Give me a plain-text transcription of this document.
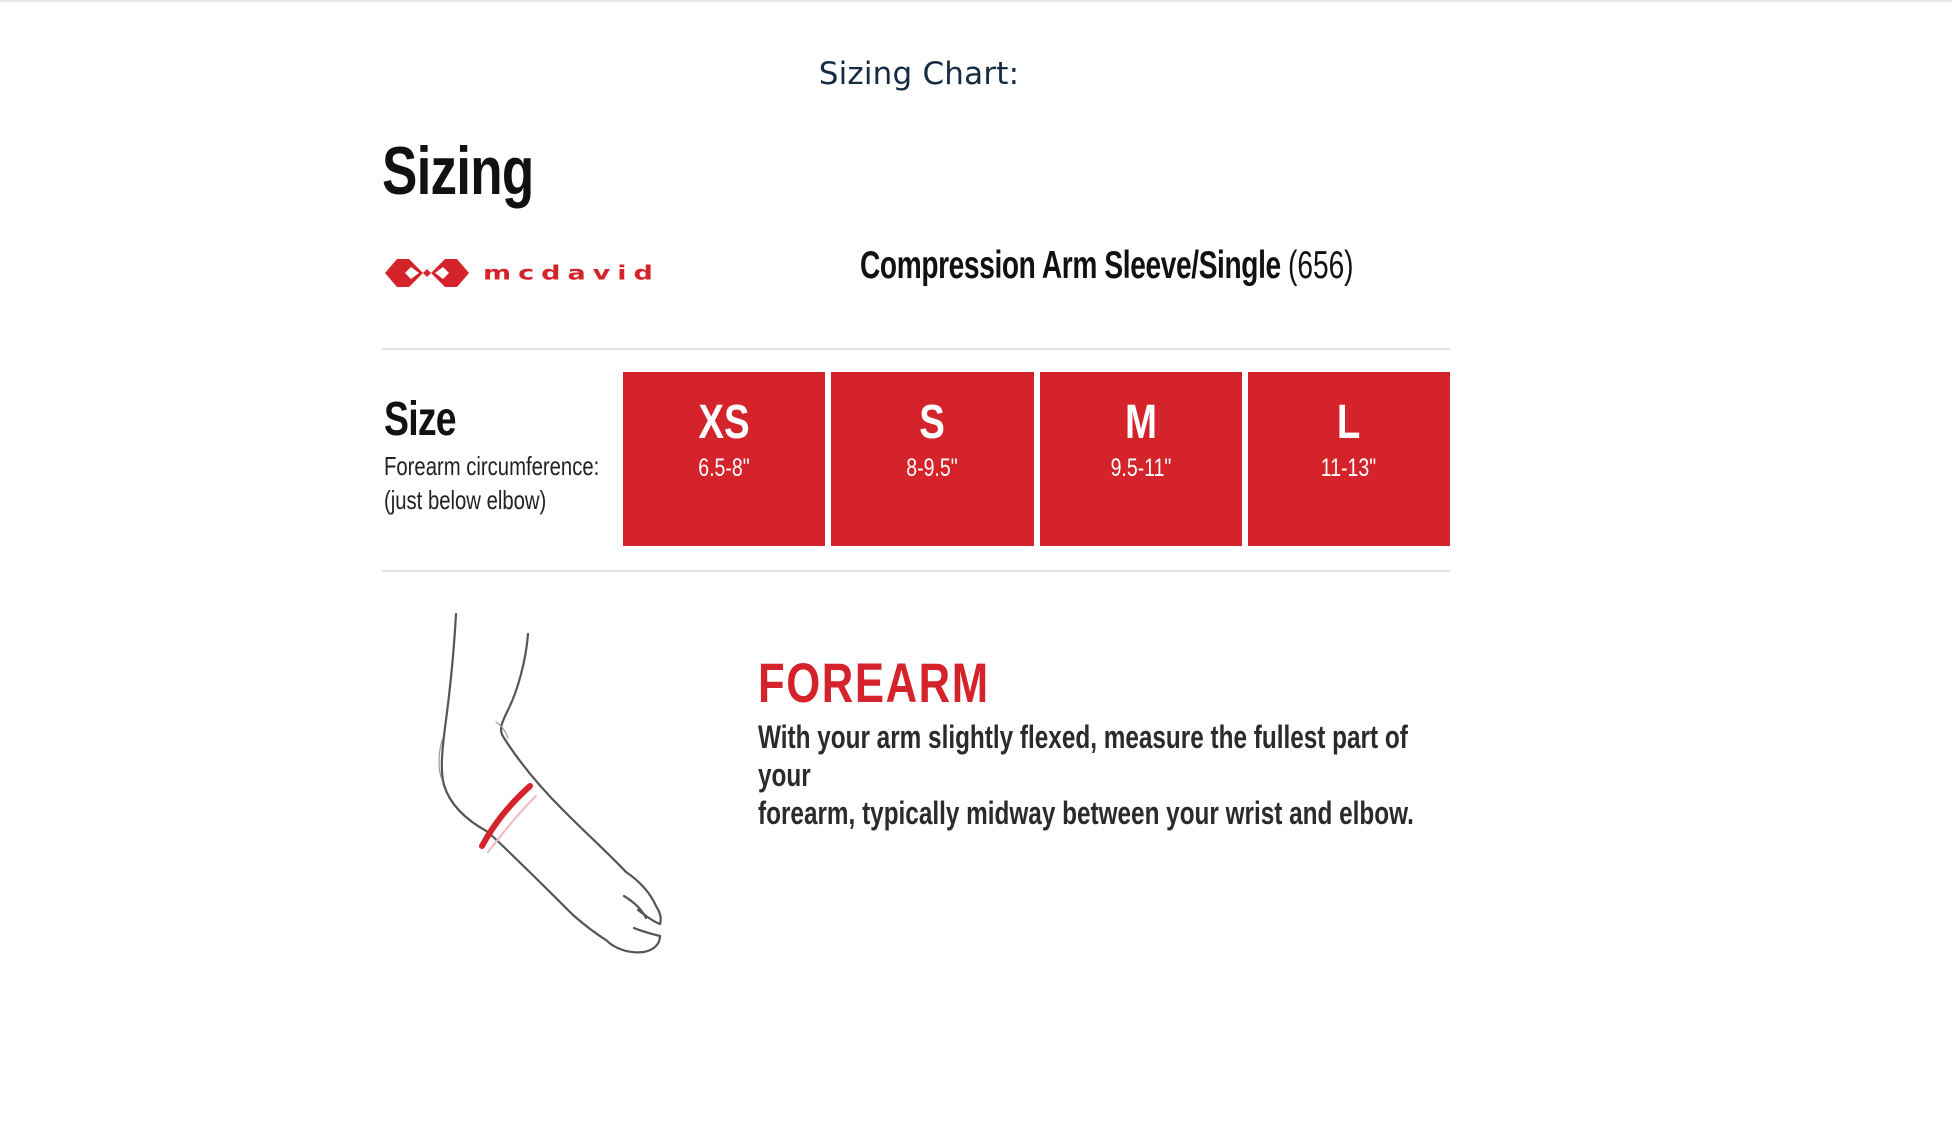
Sizing Chart:
Sizing
mcdavid	Compression Arm Sleeve/Single (656)
Size
Forearm circumference:
(just below elbow)
XS
6.5-8"
S
8-9.5"
M
9.5-11"
L
11-13"
FOREARM
With your arm slightly flexed, measure the fullest part of your
forearm, typically midway between your wrist and elbow.
